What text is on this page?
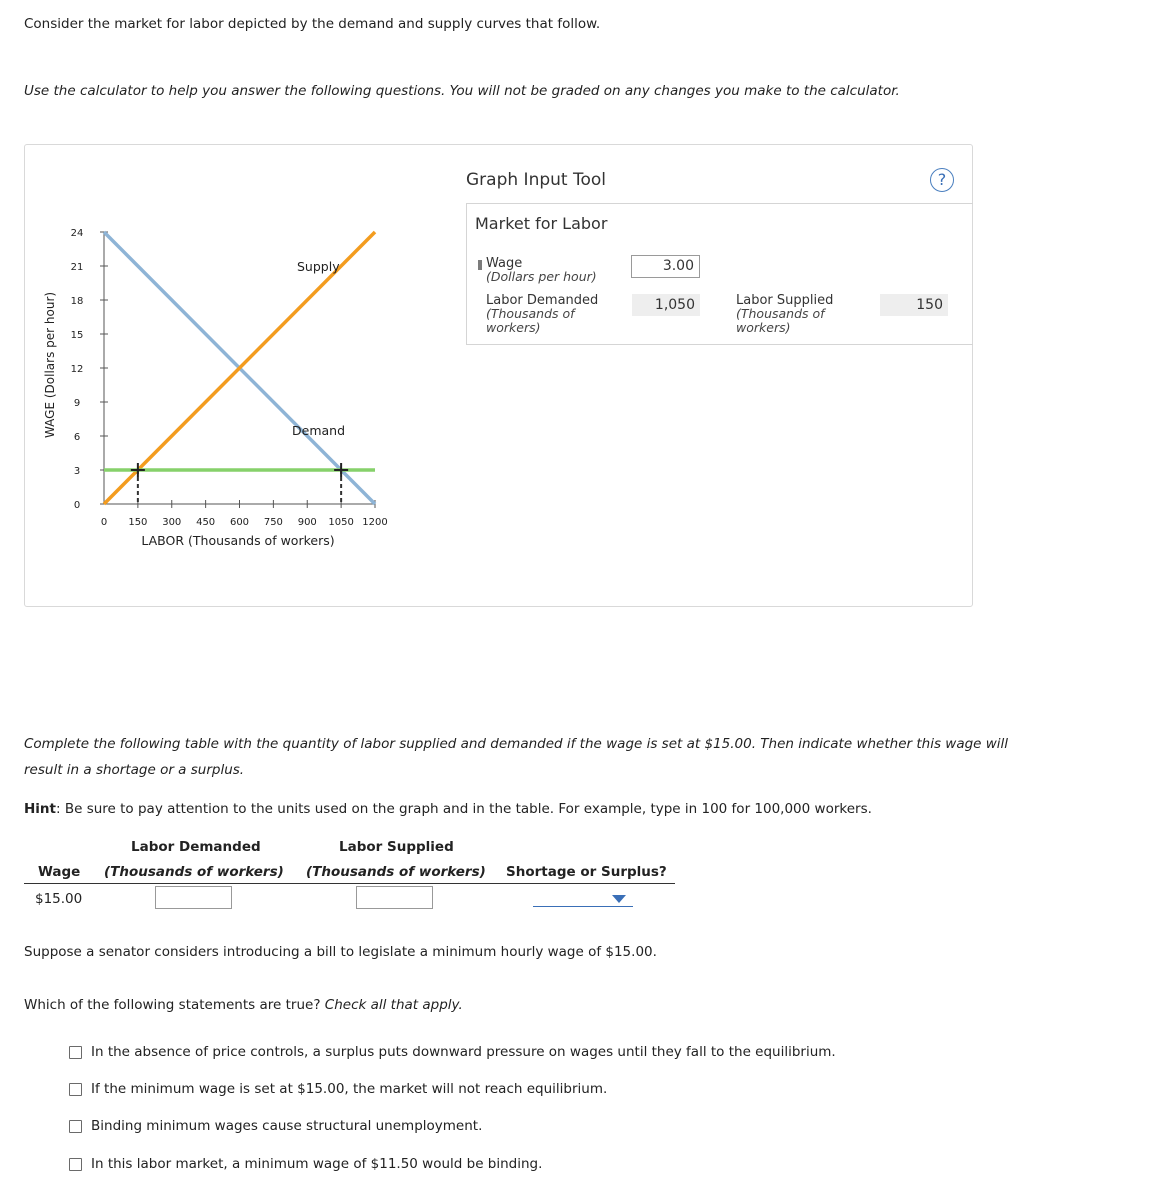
Consider the market for labor depicted by the demand and supply curves that follow.
Use the calculator to help you answer the following questions. You will not be graded on any changes you make to the calculator.
0
3
6
9
12
15
18
21
24
0 150 300 450 600 750 900 1050 1200
WAGE (Dollars per hour)
LABOR (Thousands of workers)
Supply
Demand
Graph Input Tool	?
Market for Labor
Wage
(Dollars per hour)
3.00
Labor Demanded
(Thousands of
workers)
1,050	Labor Supplied
(Thousands of
workers)
150
Complete the following table with the quantity of labor supplied and demanded if the wage is set at $15.00. Then indicate whether this wage will
result in a shortage or a surplus.
Hint: Be sure to pay attention to the units used on the graph and in the table. For example, type in 100 for 100,000 workers.
Labor Demanded	Labor Supplied
Wage (Thousands of workers) (Thousands of workers) Shortage or Surplus?
$15.00
Suppose a senator considers introducing a bill to legislate a minimum hourly wage of $15.00.
Which of the following statements are true? Check all that apply.
In the absence of price controls, a surplus puts downward pressure on wages until they fall to the equilibrium.
If the minimum wage is set at $15.00, the market will not reach equilibrium.
Binding minimum wages cause structural unemployment.
In this labor market, a minimum wage of $11.50 would be binding.
